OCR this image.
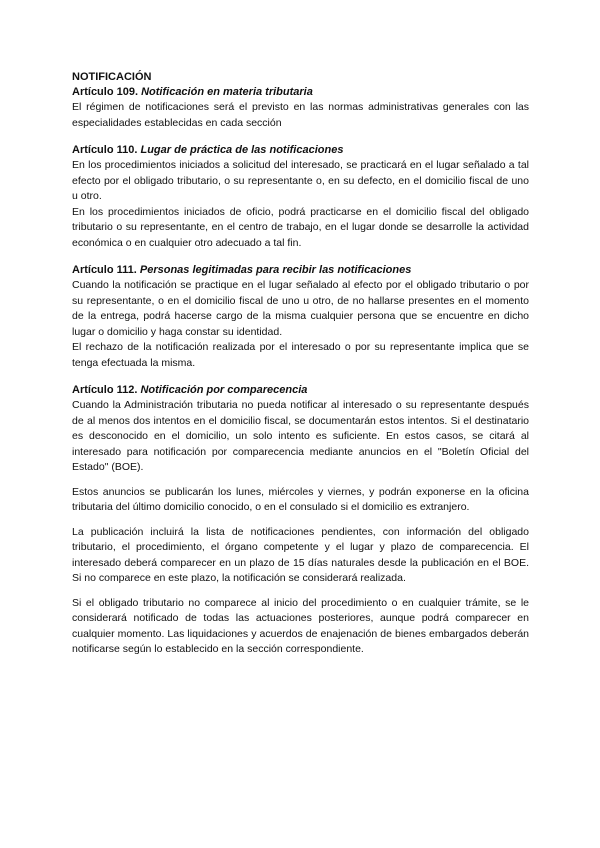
NOTIFICACIÓN
Artículo 109. Notificación en materia tributaria

El régimen de notificaciones será el previsto en las normas administrativas generales con las especialidades establecidas en cada sección

Artículo 110. Lugar de práctica de las notificaciones

En los procedimientos iniciados a solicitud del interesado, se practicará en el lugar señalado a tal efecto por el obligado tributario, o su representante o, en su defecto, en el domicilio fiscal de uno u otro.

En los procedimientos iniciados de oficio, podrá practicarse en el domicilio fiscal del obligado tributario o su representante, en el centro de trabajo, en el lugar donde se desarrolle la actividad económica o en cualquier otro adecuado a tal fin.

Artículo 111. Personas legitimadas para recibir las notificaciones

Cuando la notificación se practique en el lugar señalado al efecto por el obligado tributario o por su representante, o en el domicilio fiscal de uno u otro, de no hallarse presentes en el momento de la entrega, podrá hacerse cargo de la misma cualquier persona que se encuentre en dicho lugar o domicilio y haga constar su identidad.

El rechazo de la notificación realizada por el interesado o por su representante implica que se tenga efectuada la misma.

Artículo 112. Notificación por comparecencia

Cuando la Administración tributaria no pueda notificar al interesado o su representante después de al menos dos intentos en el domicilio fiscal, se documentarán estos intentos. Si el destinatario es desconocido en el domicilio, un solo intento es suficiente. En estos casos, se citará al interesado para notificación por comparecencia mediante anuncios en el "Boletín Oficial del Estado" (BOE).

Estos anuncios se publicarán los lunes, miércoles y viernes, y podrán exponerse en la oficina tributaria del último domicilio conocido, o en el consulado si el domicilio es extranjero.

La publicación incluirá la lista de notificaciones pendientes, con información del obligado tributario, el procedimiento, el órgano competente y el lugar y plazo de comparecencia. El interesado deberá comparecer en un plazo de 15 días naturales desde la publicación en el BOE. Si no comparece en este plazo, la notificación se considerará realizada.

Si el obligado tributario no comparece al inicio del procedimiento o en cualquier trámite, se le considerará notificado de todas las actuaciones posteriores, aunque podrá comparecer en cualquier momento. Las liquidaciones y acuerdos de enajenación de bienes embargados deberán notificarse según lo establecido en la sección correspondiente.
